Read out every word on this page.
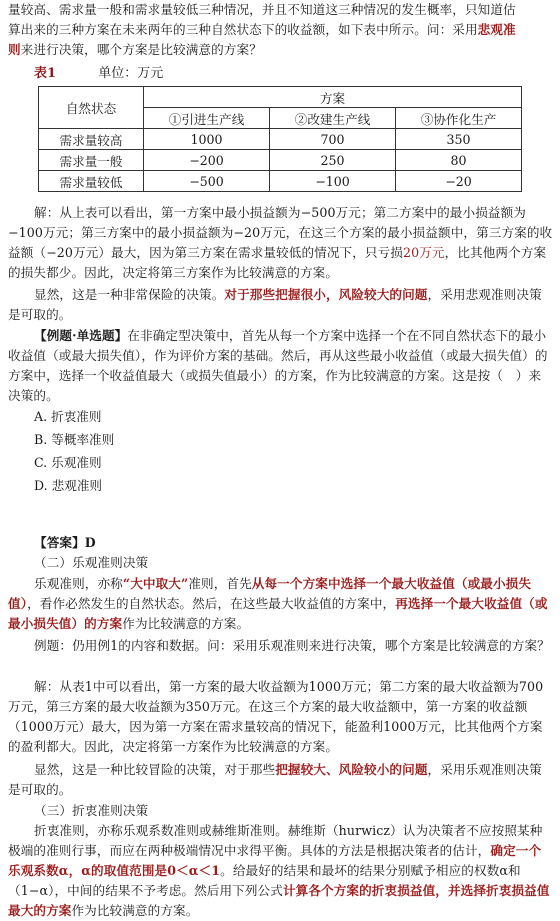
量较高、需求量一般和需求量较低三种情况，并且不知道这三种情况的发生概率，只知道估
算出来的三种方案在未来两年的三种自然状态下的收益额，如下表中所示。问：采用悲观准
则来进行决策，哪个方案是比较满意的方案？
表1	单位：万元
自然状态	方案		
	①引进生产线	②改建生产线	③协作化生产
需求量较高	1000	700	350
需求量一般	−200	250	80
需求量较低	−500	−100	−20
解：从上表可以看出，第一方案中最小损益额为−500万元；第二方案中的最小损益额为−100万元；第三方案中的最小损益额为−20万元，在这三个方案的最小损益额中，第三方案的收益额（−20万元）最大，因为第三方案在需求量较低的情况下，只亏损20万元，比其他两个方案的损失都少。因此，决定将第三方案作为比较满意的方案。
显然，这是一种非常保险的决策。对于那些把握很小，风险较大的问题，采用悲观准则决策是可取的。
【例题·单选题】在非确定型决策中，首先从每一个方案中选择一个在不同自然状态下的最小收益值（或最大损失值），作为评价方案的基础。然后，再从这些最小收益值（或最大损失值）的方案中，选择一个收益值最大（或损失值最小）的方案，作为比较满意的方案。这是按（　）来决策的。
A. 折衷准则
B. 等概率准则
C. 乐观准则
D. 悲观准则
【答案】D
（二）乐观准则决策
乐观准则，亦称“大中取大”准则，首先从每一个方案中选择一个最大收益值（或最小损失值），看作必然发生的自然状态。然后，在这些最大收益值的方案中，再选择一个最大收益值（或最小损失值）的方案作为比较满意的方案。
例题：仍用例1的内容和数据。问：采用乐观准则来进行决策，哪个方案是比较满意的方案？
解：从表1中可以看出，第一方案的最大收益额为1000万元；第二方案的最大收益额为700万元，第三方案的最大收益额为350万元。在这三个方案的最大收益额中，第一方案的收益额（1000万元）最大，因为第一方案在需求量较高的情况下，能盈利1000万元，比其他两个方案的盈利都大。因此，决定将第一方案作为比较满意的方案。
显然，这是一种比较冒险的决策，对于那些把握较大、风险较小的问题，采用乐观准则决策是可取的。
（三）折衷准则决策
折衷准则，亦称乐观系数准则或赫维斯准则。赫维斯（hurwicz）认为决策者不应按照某种极端的准则行事，而应在两种极端情况中求得平衡。具体的方法是根据决策者的估计，确定一个乐观系数α，α的取值范围是0＜α＜1。给最好的结果和最坏的结果分别赋予相应的权数α和（1−α），中间的结果不予考虑。然后用下列公式计算各个方案的折衷损益值，并选择折衷损益值最大的方案作为比较满意的方案。
